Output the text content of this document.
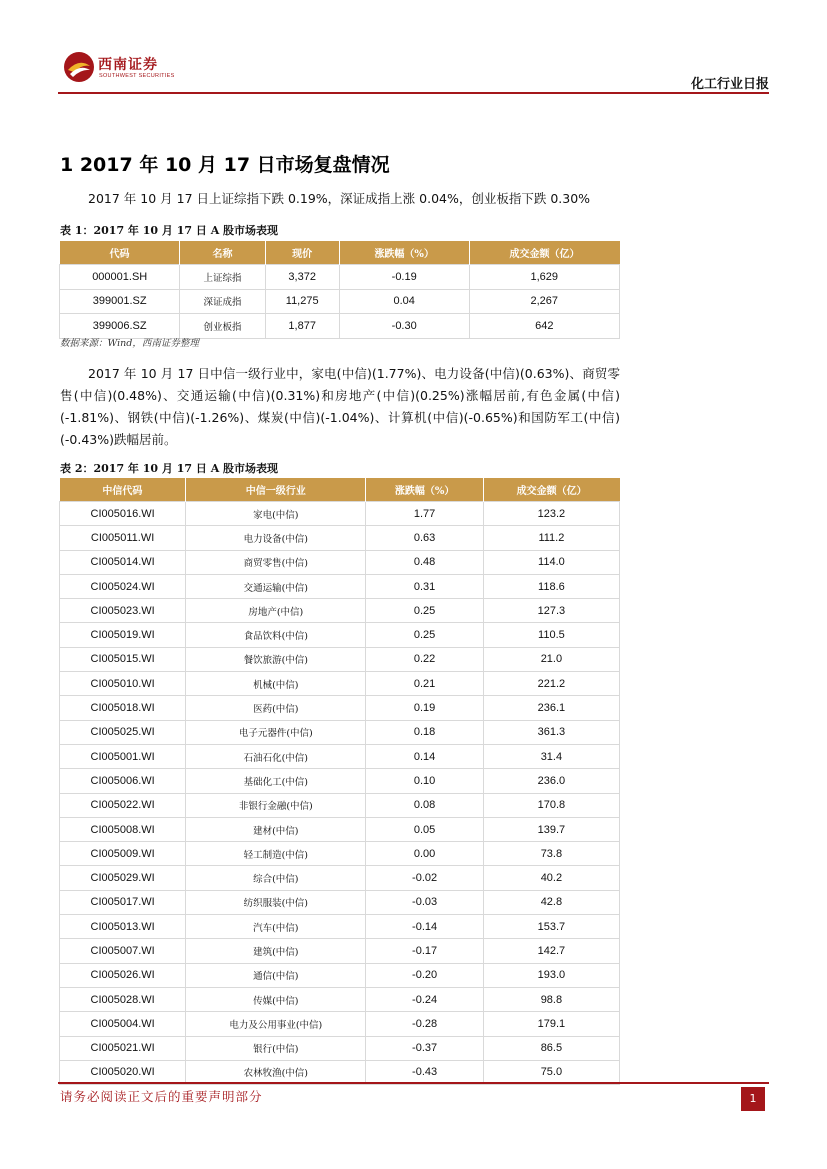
西南证券
SOUTHWEST SECURITIES
化工行业日报
1 2017 年 10 月 17 日市场复盘情况
2017 年 10 月 17 日上证综指下跌 0.19%，深证成指上涨 0.04%，创业板指下跌 0.30%
表 1：2017 年 10 月 17 日 A 股市场表现
代码	名称	现价	涨跌幅（%）	成交金额（亿）
000001.SH	上证综指	3,372	-0.19	1,629
399001.SZ	深证成指	11,275	0.04	2,267
399006.SZ	创业板指	1,877	-0.30	642
数据来源：Wind，西南证券整理
2017 年 10 月 17 日中信一级行业中，家电(中信)(1.77%)、电力设备(中信)(0.63%)、商贸零售(中信)(0.48%)、交通运输(中信)(0.31%)和房地产(中信)(0.25%)涨幅居前,有色金属(中信)(-1.81%)、钢铁(中信)(-1.26%)、煤炭(中信)(-1.04%)、计算机(中信)(-0.65%)和国防军工(中信)(-0.43%)跌幅居前。
表 2：2017 年 10 月 17 日 A 股市场表现
中信代码	中信一级行业	涨跌幅（%）	成交金额（亿）
CI005016.WI	家电(中信)	1.77	123.2
CI005011.WI	电力设备(中信)	0.63	111.2
CI005014.WI	商贸零售(中信)	0.48	114.0
CI005024.WI	交通运输(中信)	0.31	118.6
CI005023.WI	房地产(中信)	0.25	127.3
CI005019.WI	食品饮料(中信)	0.25	110.5
CI005015.WI	餐饮旅游(中信)	0.22	21.0
CI005010.WI	机械(中信)	0.21	221.2
CI005018.WI	医药(中信)	0.19	236.1
CI005025.WI	电子元器件(中信)	0.18	361.3
CI005001.WI	石油石化(中信)	0.14	31.4
CI005006.WI	基础化工(中信)	0.10	236.0
CI005022.WI	非银行金融(中信)	0.08	170.8
CI005008.WI	建材(中信)	0.05	139.7
CI005009.WI	轻工制造(中信)	0.00	73.8
CI005029.WI	综合(中信)	-0.02	40.2
CI005017.WI	纺织服装(中信)	-0.03	42.8
CI005013.WI	汽车(中信)	-0.14	153.7
CI005007.WI	建筑(中信)	-0.17	142.7
CI005026.WI	通信(中信)	-0.20	193.0
CI005028.WI	传媒(中信)	-0.24	98.8
CI005004.WI	电力及公用事业(中信)	-0.28	179.1
CI005021.WI	银行(中信)	-0.37	86.5
CI005020.WI	农林牧渔(中信)	-0.43	75.0
请务必阅读正文后的重要声明部分	1
